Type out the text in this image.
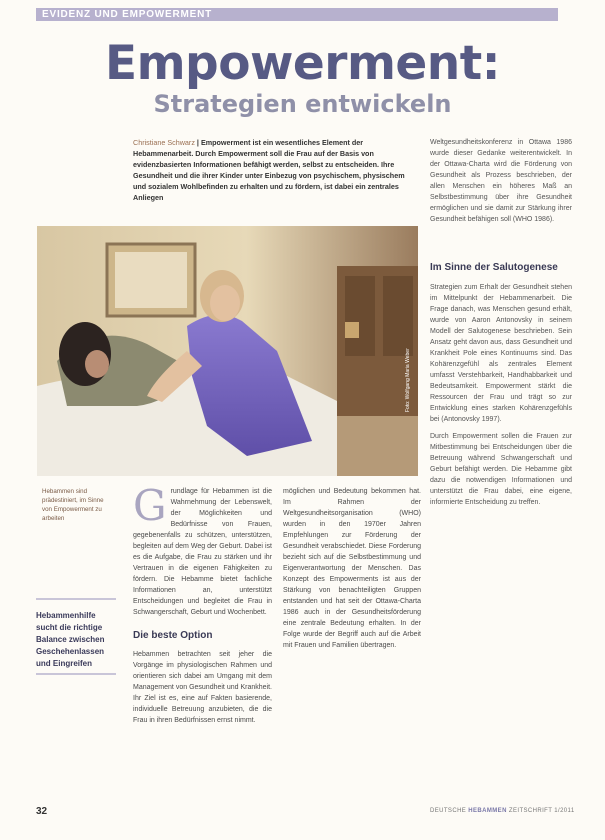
EVIDENZ UND EMPOWERMENT
Empowerment:
Strategien entwickeln
Christiane Schwarz | Empowerment ist ein wesentliches Element der Hebammenarbeit. Durch Empowerment soll die Frau auf der Basis von evidenzbasierten Informationen befähigt werden, selbst zu entscheiden. Ihre Gesundheit und die ihrer Kinder unter Einbezug von psychischem, physischem und sozialem Wohlbefinden zu erhalten und zu fördern, ist dabei ein zentrales Anliegen
Weltgesundheitskonferenz in Ottawa 1986 wurde dieser Gedanke weiterentwickelt. In der Ottawa-Charta wird die Förderung von Gesundheit als Prozess beschrieben, der allen Menschen ein höheres Maß an Selbstbestimmung über ihre Gesundheit ermöglichen und sie damit zur Stärkung ihrer Gesundheit befähigen soll (WHO 1986).
Im Sinne der Salutogenese

Strategien zum Erhalt der Gesundheit stehen im Mittelpunkt der Hebammenarbeit. Die Frage danach, was Menschen gesund erhält, wurde von Aaron Antonovsky in seinem Modell der Salutogenese beschrieben. Sein Ansatz geht davon aus, dass Gesundheit und Krankheit Pole eines Kontinuums sind. Das Kohärenzgefühl als zentrales Element umfasst Verstehbarkeit, Handhabbarkeit und Bedeutsamkeit. Empowerment stärkt die Ressourcen der Frau und trägt so zur Entwicklung eines starken Kohärenzgefühls bei (Antonovsky 1997).

Durch Empowerment sollen die Frauen zur Mitbestimmung bei Entscheidungen über die Betreuung während Schwangerschaft und Geburt befähigt werden. Die Hebamme gibt dazu die notwendigen Informationen und unterstützt die Frau dabei, eine eigene, informierte Entscheidung zu treffen.

Foto: Wolfgang Maria Weber
Hebammen sind prädestiniert, im Sinne von Empowerment zu arbeiten
Hebammenhilfe sucht die richtige Balance zwischen Geschehenlassen und Eingreifen
G rundlage für Hebammen ist die Wahrnehmung der Lebenswelt, der Möglichkeiten und Bedürfnisse von Frauen, gegebenenfalls zu schützen, unterstützen, begleiten auf dem Weg der Geburt. Dabei ist es die Aufgabe, die Frau zu stärken und ihr Vertrauen in die eigenen Fähigkeiten zu fördern. Die Hebamme bietet fachliche Informationen an, unterstützt Entscheidungen und begleitet die Frau in Schwangerschaft, Geburt und Wochenbett.
Die beste Option

Hebammen betrachten seit jeher die Vorgänge im physiologischen Rahmen und orientieren sich dabei am Umgang mit dem Management von Gesundheit und Krankheit. Ihr Ziel ist es, eine auf Fakten basierende, individuelle Betreuung anzubieten, die die Frau in ihren Bedürfnissen ernst nimmt.

möglichen und Bedeutung bekommen hat. Im Rahmen der Weltgesundheitsorganisation (WHO) wurden in den 1970er Jahren Empfehlungen zur Förderung der Gesundheit verabschiedet. Diese Forderung bezieht sich auf die Selbstbestimmung und Eigenverantwortung der Menschen. Das Konzept des Empowerments ist aus der Stärkung von benachteiligten Gruppen entstanden und hat seit der Ottawa-Charta 1986 auch in der Gesundheitsförderung eine zentrale Bedeutung erhalten. In der Folge wurde der Begriff auch auf die Arbeit mit Frauen und Familien übertragen.
32	DEUTSCHE HEBAMMEN ZEITSCHRIFT 1/2011
